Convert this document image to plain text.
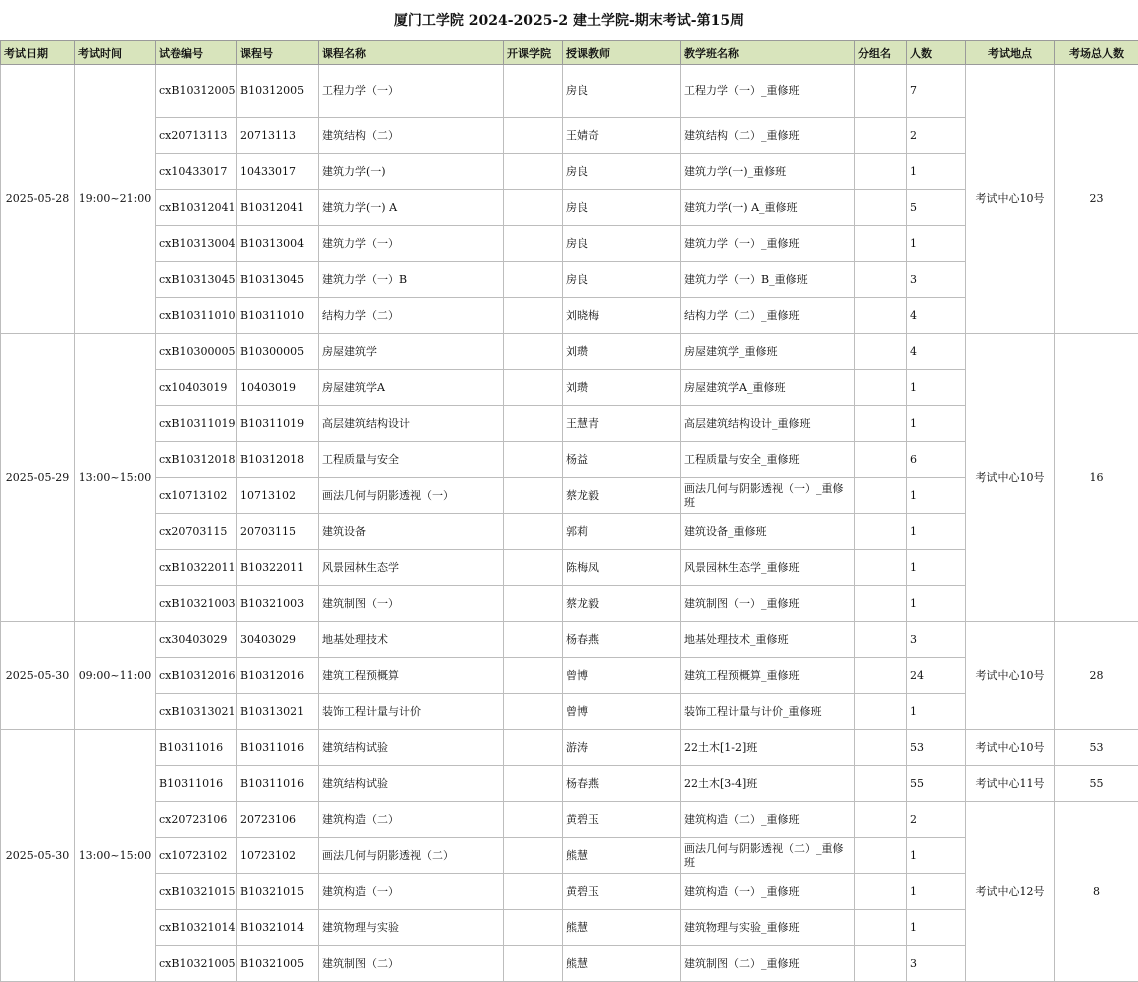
厦门工学院 2024-2025-2 建土学院-期末考试-第15周
考试日期	考试时间	试卷编号	课程号	课程名称	开课学院	授课教师	教学班名称	分组名	人数	考试地点	考场总人数
2025-05-28	19:00~21:00	cxB10312005	B10312005	工程力学（一）		房良	工程力学（一）_重修班		7	考试中心10号	23
		cx20713113	20713113	建筑结构（二）		王婧奇	建筑结构（二）_重修班		2		
		cx10433017	10433017	建筑力学(一)		房良	建筑力学(一)_重修班		1		
		cxB10312041	B10312041	建筑力学(一) A		房良	建筑力学(一) A_重修班		5		
		cxB10313004	B10313004	建筑力学（一）		房良	建筑力学（一）_重修班		1		
		cxB10313045	B10313045	建筑力学（一）B		房良	建筑力学（一）B_重修班		3		
		cxB10311010	B10311010	结构力学（二）		刘晓梅	结构力学（二）_重修班		4		
2025-05-29	13:00~15:00	cxB10300005	B10300005	房屋建筑学		刘瓒	房屋建筑学_重修班		4	考试中心10号	16
		cx10403019	10403019	房屋建筑学A		刘瓒	房屋建筑学A_重修班		1		
		cxB10311019	B10311019	高层建筑结构设计		王慧青	高层建筑结构设计_重修班		1		
		cxB10312018	B10312018	工程质量与安全		杨益	工程质量与安全_重修班		6		
		cx10713102	10713102	画法几何与阴影透视（一）		蔡龙毅	画法几何与阴影透视（一）_重修班		1		
		cx20703115	20703115	建筑设备		郭莉	建筑设备_重修班		1		
		cxB10322011	B10322011	风景园林生态学		陈梅凤	风景园林生态学_重修班		1		
		cxB10321003	B10321003	建筑制图（一）		蔡龙毅	建筑制图（一）_重修班		1		
2025-05-30	09:00~11:00	cx30403029	30403029	地基处理技术		杨春燕	地基处理技术_重修班		3	考试中心10号	28
		cxB10312016	B10312016	建筑工程预概算		曾博	建筑工程预概算_重修班		24		
		cxB10313021	B10313021	装饰工程计量与计价		曾博	装饰工程计量与计价_重修班		1		
2025-05-30	13:00~15:00	B10311016	B10311016	建筑结构试验		游涛	22土木[1-2]班		53	考试中心10号	53
		B10311016	B10311016	建筑结构试验		杨春燕	22土木[3-4]班		55	考试中心11号	55
		cx20723106	20723106	建筑构造（二）		黄碧玉	建筑构造（二）_重修班		2	考试中心12号	8
		cx10723102	10723102	画法几何与阴影透视（二）		熊慧	画法几何与阴影透视（二）_重修班		1		
		cxB10321015	B10321015	建筑构造（一）		黄碧玉	建筑构造（一）_重修班		1		
		cxB10321014	B10321014	建筑物理与实验		熊慧	建筑物理与实验_重修班		1		
		cxB10321005	B10321005	建筑制图（二）		熊慧	建筑制图（二）_重修班		3		
